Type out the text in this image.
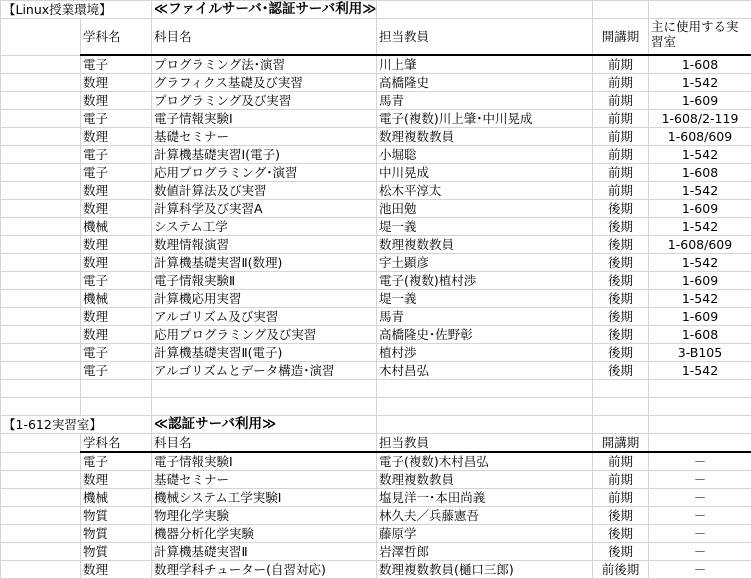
【Linux授業環境】		≪ファイルサーバ･認証サーバ利用≫			
	学科名	科目名	担当教員	開講期	主に使用する実習室
	電子	プログラミング法･演習	川上肇	前期	1-608
	数理	グラフィクス基礎及び実習	高橋隆史	前期	1-542
	数理	プログラミング及び実習	馬青	前期	1-609
	電子	電子情報実験Ⅰ	電子(複数)川上肇･中川晃成	前期	1-608/2-119
	数理	基礎セミナー	数理複数教員	前期	1-608/609
	電子	計算機基礎実習Ⅰ(電子)	小堀聡	前期	1-542
	電子	応用プログラミング･演習	中川晃成	前期	1-608
	数理	数値計算法及び実習	松木平淳太	前期	1-542
	数理	計算科学及び実習A	池田勉	後期	1-609
	機械	システム工学	堤一義	後期	1-542
	数理	数理情報演習	数理複数教員	後期	1-608/609
	数理	計算機基礎実習Ⅱ(数理)	宇土顕彦	後期	1-542
	電子	電子情報実験Ⅱ	電子(複数)植村渉	後期	1-609
	機械	計算機応用実習	堤一義	後期	1-542
	数理	アルゴリズム及び実習	馬青	後期	1-609
	数理	応用プログラミング及び実習	高橋隆史･佐野彰	後期	1-608
	電子	計算機基礎実習Ⅱ(電子)	植村渉	後期	3-B105
	電子	アルゴリズムとデータ構造･演習	木村昌弘	後期	1-542

【1-612実習室】		≪認証サーバ利用≫			
	学科名	科目名	担当教員	開講期	
	電子	電子情報実験Ⅰ	電子(複数)木村昌弘	前期	－
	数理	基礎セミナー	数理複数教員	前期	－
	機械	機械システム工学実験Ⅰ	塩見洋一･本田尚義	前期	－
	物質	物理化学実験	林久夫／兵藤憲吾	後期	－
	物質	機器分析化学実験	藤原学	後期	－
	物質	計算機基礎実習Ⅱ	岩澤哲郎	後期	－
	数理	数理学科チューター(自習対応)	数理複数教員(樋口三郎)	前後期	－
